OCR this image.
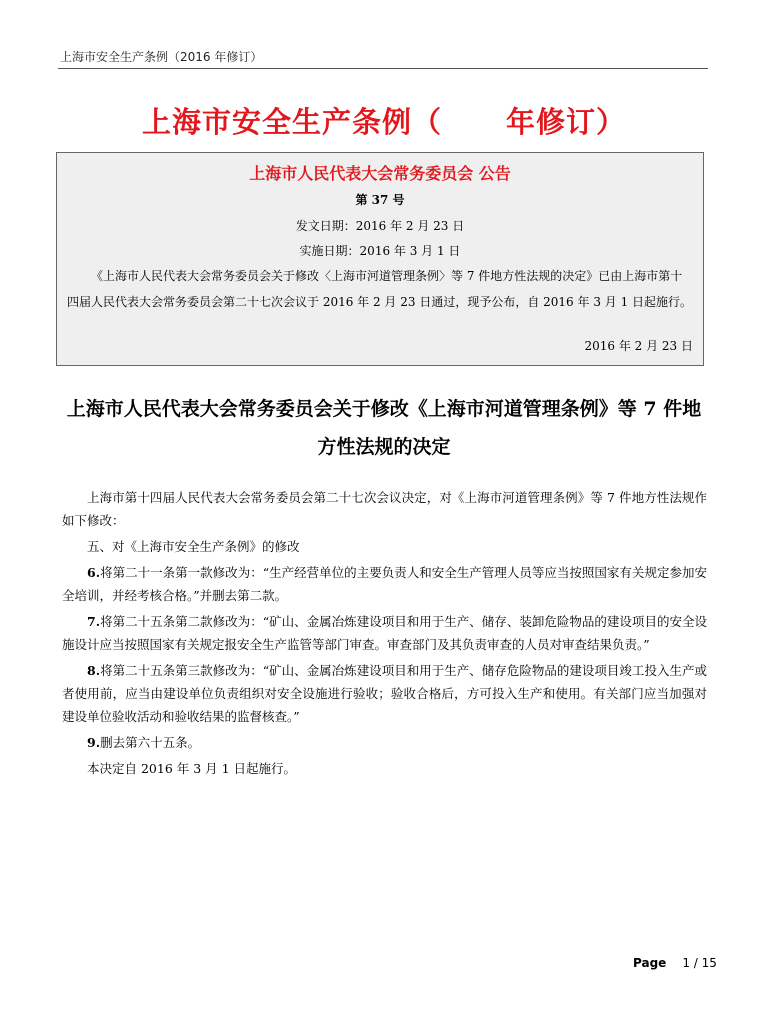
上海市安全生产条例（2016 年修订）
上海市安全生产条例（ 年修订）
上海市人民代表大会常务委员会 公告
第 37 号
发文日期：2016 年 2 月 23 日
实施日期：2016 年 3 月 1 日
《上海市人民代表大会常务委员会关于修改〈上海市河道管理条例〉等 7 件地方性法规的决定》已由上海市第十四届人民代表大会常务委员会第二十七次会议于 2016 年 2 月 23 日通过，现予公布，自 2016 年 3 月 1 日起施行。
2016 年 2 月 23 日
上海市人民代表大会常务委员会关于修改《上海市河道管理条例》等 7 件地方性法规的决定

上海市第十四届人民代表大会常务委员会第二十七次会议决定，对《上海市河道管理条例》等 7 件地方性法规作如下修改：

五、对《上海市安全生产条例》的修改

6.将第二十一条第一款修改为：“生产经营单位的主要负责人和安全生产管理人员等应当按照国家有关规定参加安全培训，并经考核合格。”并删去第二款。

7.将第二十五条第二款修改为：“矿山、金属冶炼建设项目和用于生产、储存、装卸危险物品的建设项目的安全设施设计应当按照国家有关规定报安全生产监管等部门审查。审查部门及其负责审查的人员对审查结果负责。”

8.将第二十五条第三款修改为：“矿山、金属冶炼建设项目和用于生产、储存危险物品的建设项目竣工投入生产或者使用前，应当由建设单位负责组织对安全设施进行验收；验收合格后，方可投入生产和使用。有关部门应当加强对建设单位验收活动和验收结果的监督核查。”

9.删去第六十五条。

本决定自 2016 年 3 月 1 日起施行。

Page 1 / 15
